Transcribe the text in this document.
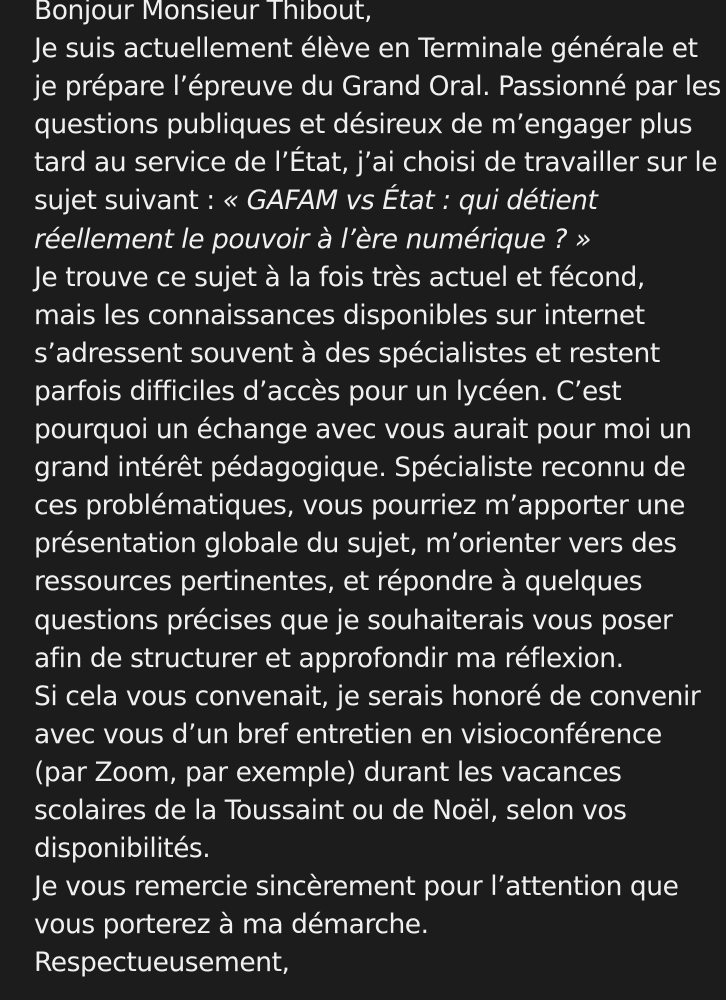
Bonjour Monsieur Thibout,
Je suis actuellement élève en Terminale générale et
je prépare l’épreuve du Grand Oral. Passionné par les
questions publiques et désireux de m’engager plus
tard au service de l’État, j’ai choisi de travailler sur le
sujet suivant : « GAFAM vs État : qui détient
réellement le pouvoir à l’ère numérique ? »
Je trouve ce sujet à la fois très actuel et fécond,
mais les connaissances disponibles sur internet
s’adressent souvent à des spécialistes et restent
parfois difficiles d’accès pour un lycéen. C’est
pourquoi un échange avec vous aurait pour moi un
grand intérêt pédagogique. Spécialiste reconnu de
ces problématiques, vous pourriez m’apporter une
présentation globale du sujet, m’orienter vers des
ressources pertinentes, et répondre à quelques
questions précises que je souhaiterais vous poser
afin de structurer et approfondir ma réflexion.
Si cela vous convenait, je serais honoré de convenir
avec vous d’un bref entretien en visioconférence
(par Zoom, par exemple) durant les vacances
scolaires de la Toussaint ou de Noël, selon vos
disponibilités.
Je vous remercie sincèrement pour l’attention que
vous porterez à ma démarche.
Respectueusement,
